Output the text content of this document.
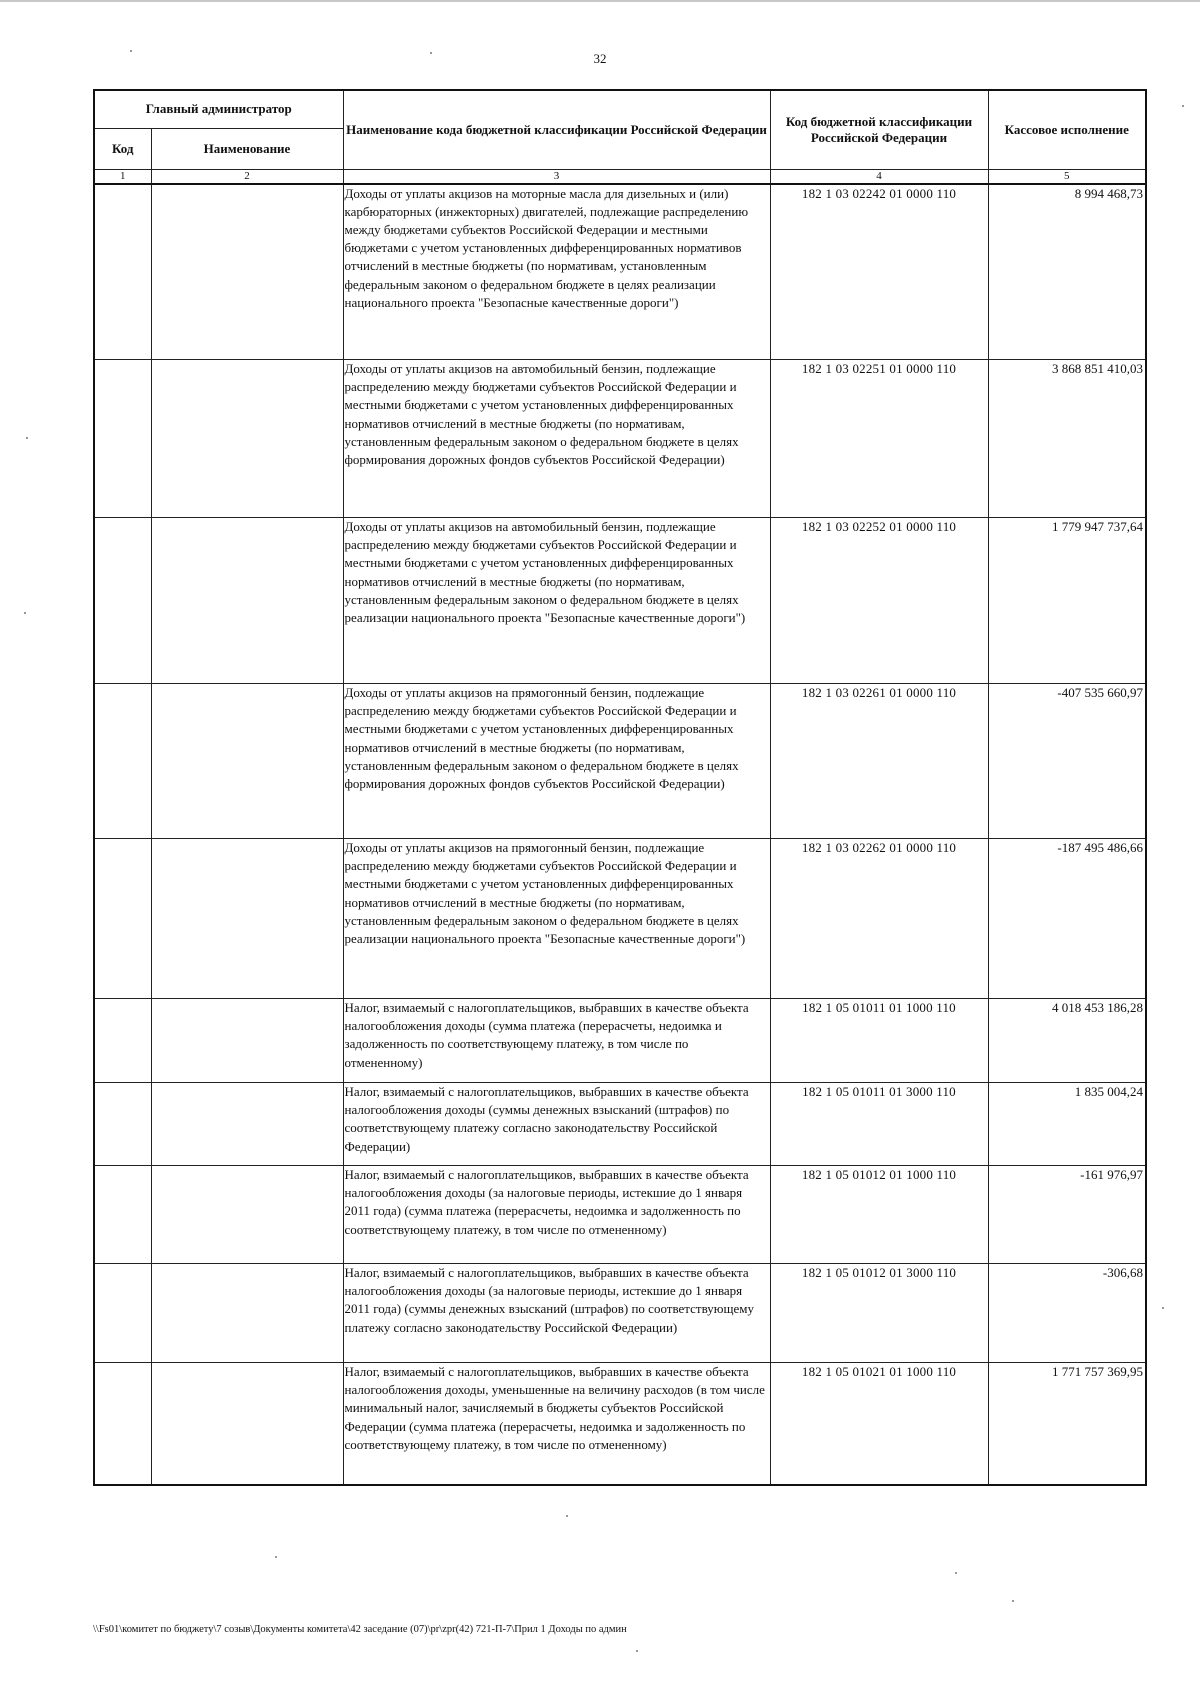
32
Главный администратор		Наименование кода бюджетной классификации Российской Федерации	Код бюджетной классификации Российской Федерации	Кассовое исполнение
Код	Наименование			
1	2	3	4	5
		Доходы от уплаты акцизов на моторные масла для дизельных и (или) карбюраторных (инжекторных) двигателей, подлежащие распределению между бюджетами субъектов Российской Федерации и местными бюджетами с учетом установленных дифференцированных нормативов отчислений в местные бюджеты (по нормативам, установленным федеральным законом о федеральном бюджете в целях реализации национального проекта "Безопасные качественные дороги")	182 1 03 02242 01 0000 110	8 994 468,73
		Доходы от уплаты акцизов на автомобильный бензин, подлежащие распределению между бюджетами субъектов Российской Федерации и местными бюджетами с учетом установленных дифференцированных нормативов отчислений в местные бюджеты (по нормативам, установленным федеральным законом о федеральном бюджете в целях формирования дорожных фондов субъектов Российской Федерации)	182 1 03 02251 01 0000 110	3 868 851 410,03
		Доходы от уплаты акцизов на автомобильный бензин, подлежащие распределению между бюджетами субъектов Российской Федерации и местными бюджетами с учетом установленных дифференцированных нормативов отчислений в местные бюджеты (по нормативам, установленным федеральным законом о федеральном бюджете в целях реализации национального проекта "Безопасные качественные дороги")	182 1 03 02252 01 0000 110	1 779 947 737,64
		Доходы от уплаты акцизов на прямогонный бензин, подлежащие распределению между бюджетами субъектов Российской Федерации и местными бюджетами с учетом установленных дифференцированных нормативов отчислений в местные бюджеты (по нормативам, установленным федеральным законом о федеральном бюджете в целях формирования дорожных фондов субъектов Российской Федерации)	182 1 03 02261 01 0000 110	-407 535 660,97
		Доходы от уплаты акцизов на прямогонный бензин, подлежащие распределению между бюджетами субъектов Российской Федерации и местными бюджетами с учетом установленных дифференцированных нормативов отчислений в местные бюджеты (по нормативам, установленным федеральным законом о федеральном бюджете в целях реализации национального проекта "Безопасные качественные дороги")	182 1 03 02262 01 0000 110	-187 495 486,66
		Налог, взимаемый с налогоплательщиков, выбравших в качестве объекта налогообложения доходы (сумма платежа (перерасчеты, недоимка и задолженность по соответствующему платежу, в том числе по отмененному)	182 1 05 01011 01 1000 110	4 018 453 186,28
		Налог, взимаемый с налогоплательщиков, выбравших в качестве объекта налогообложения доходы (суммы денежных взысканий (штрафов) по соответствующему платежу согласно законодательству Российской Федерации)	182 1 05 01011 01 3000 110	1 835 004,24
		Налог, взимаемый с налогоплательщиков, выбравших в качестве объекта налогообложения доходы (за налоговые периоды, истекшие до 1 января 2011 года) (сумма платежа (перерасчеты, недоимка и задолженность по соответствующему платежу, в том числе по отмененному)	182 1 05 01012 01 1000 110	-161 976,97
		Налог, взимаемый с налогоплательщиков, выбравших в качестве объекта налогообложения доходы (за налоговые периоды, истекшие до 1 января 2011 года) (суммы денежных взысканий (штрафов) по соответствующему платежу согласно законодательству Российской Федерации)	182 1 05 01012 01 3000 110	-306,68
		Налог, взимаемый с налогоплательщиков, выбравших в качестве объекта налогообложения доходы, уменьшенные на величину расходов (в том числе минимальный налог, зачисляемый в бюджеты субъектов Российской Федерации (сумма платежа (перерасчеты, недоимка и задолженность по соответствующему платежу, в том числе по отмененному)	182 1 05 01021 01 1000 110	1 771 757 369,95
\\Fs01\комитет по бюджету\7 созыв\Документы комитета\42 заседание (07)\pr\zpr(42) 721-П-7\Прил 1 Доходы по админ
